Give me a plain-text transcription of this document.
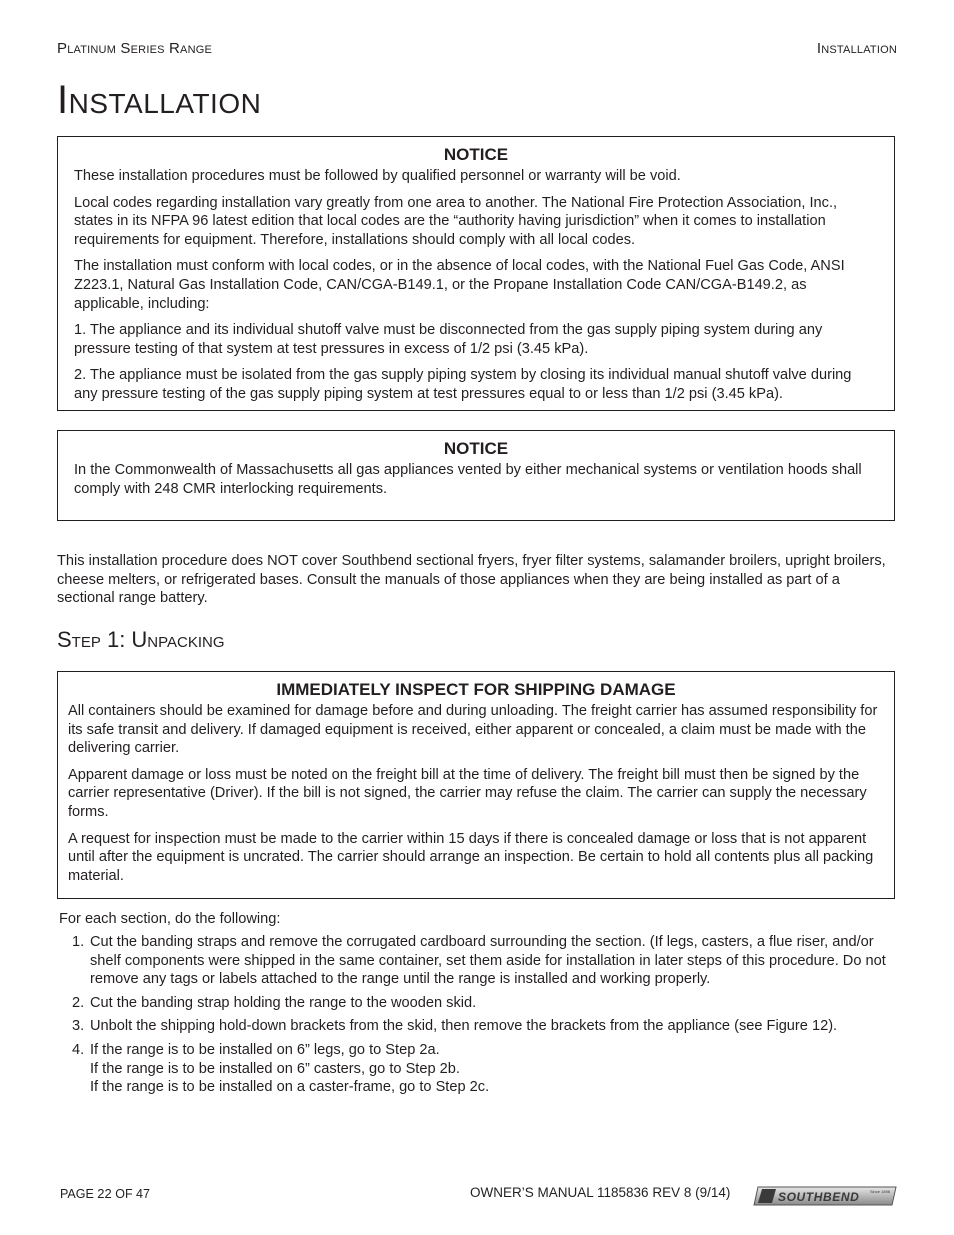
Platinum Series Range	Installation
Installation
NOTICE

These installation procedures must be followed by qualified personnel or warranty will be void.

Local codes regarding installation vary greatly from one area to another. The National Fire Protection Association, Inc., states in its NFPA 96 latest edition that local codes are the “authority having jurisdiction” when it comes to installation requirements for equipment. Therefore, installations should comply with all local codes.

The installation must conform with local codes, or in the absence of local codes, with the National Fuel Gas Code, ANSI Z223.1, Natural Gas Installation Code, CAN/CGA-B149.1, or the Propane Installation Code CAN/CGA-B149.2, as applicable, including:

1. The appliance and its individual shutoff valve must be disconnected from the gas supply piping system during any pressure testing of that system at test pressures in excess of 1/2 psi (3.45 kPa).

2. The appliance must be isolated from the gas supply piping system by closing its individual manual shutoff valve during any pressure testing of the gas supply piping system at test pressures equal to or less than 1/2 psi (3.45 kPa).

NOTICE

In the Commonwealth of Massachusetts all gas appliances vented by either mechanical systems or ventilation hoods shall comply with 248 CMR interlocking requirements.

This installation procedure does NOT cover Southbend sectional fryers, fryer filter systems, salamander broilers, upright broilers, cheese melters, or refrigerated bases. Consult the manuals of those appliances when they are being installed as part of a sectional range battery.

Step 1: Unpacking
IMMEDIATELY INSPECT FOR SHIPPING DAMAGE

All containers should be examined for damage before and during unloading. The freight carrier has assumed responsibility for its safe transit and delivery. If damaged equipment is received, either apparent or concealed, a claim must be made with the delivering carrier.

Apparent damage or loss must be noted on the freight bill at the time of delivery. The freight bill must then be signed by the carrier representative (Driver). If the bill is not signed, the carrier may refuse the claim. The carrier can supply the necessary forms.

A request for inspection must be made to the carrier within 15 days if there is concealed damage or loss that is not apparent until after the equipment is uncrated. The carrier should arrange an inspection. Be certain to hold all contents plus all packing material.

For each section, do the following:

1. Cut the banding straps and remove the corrugated cardboard surrounding the section. (If legs, casters, a flue riser, and/or shelf components were shipped in the same container, set them aside for installation in later steps of this procedure. Do not remove any tags or labels attached to the range until the range is installed and working properly.
2. Cut the banding strap holding the range to the wooden skid.
3. Unbolt the shipping hold-down brackets from the skid, then remove the brackets from the appliance (see Figure 12).
4. If the range is to be installed on 6” legs, go to Step 2a.
If the range is to be installed on 6” casters, go to Step 2b.
If the range is to be installed on a caster-frame, go to Step 2c.
PAGE 22 OF 47	OWNER’S MANUAL 1185836 REV 8 (9/14)	SOUTHBEND	Since 1898
